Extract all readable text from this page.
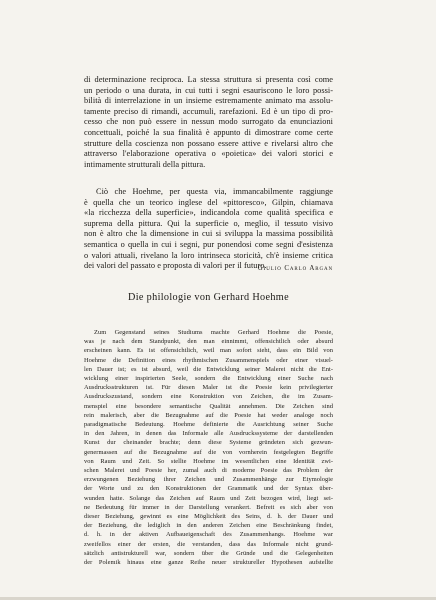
di determinazione reciproca. La stessa struttura si presenta così come

un periodo o una durata, in cui tutti i segni esauriscono le loro possi-

bilità di interrelazione in un insieme estremamente animato ma assolu-

tamente preciso di rimandi, accumuli, rarefazioni. Ed è un tipo di pro-

cesso che non può essere in nessun modo surrogato da enunciazioni

concettuali, poiché la sua finalità è appunto di dimostrare come certe

strutture della coscienza non possano essere attive e rivelarsi altro che

attraverso l'elaborazione operativa o «poietica» dei valori storici e

intimamente strutturali della pittura.

Ciò che Hoehme, per questa via, immancabilmente raggiunge

è quella che un teorico inglese del «pittoresco», Gilpin, chiamava

«la ricchezza della superficie», indicandola come qualità specifica e

suprema della pittura. Qui la superficie o, meglio, il tessuto visivo

non è altro che la dimensione in cui si sviluppa la massima possibilità

semantica o quella in cui i segni, pur ponendosi come segni d'esistenza

o valori attuali, rivelano la loro intrinseca storicità, ch'è insieme critica

dei valori del passato e proposta di valori per il futuro.

Giulio Carlo Argan
Die philologie von Gerhard Hoehme

Zum Gegenstand seines Studiums machte Gerhard Hoehme die Poesie,

was je nach dem Standpunkt, den man einnimmt, offensichtlich oder absurd

erscheinen kann. Es ist offensichtlich, weil man sofort sieht, dass ein Bild von

Hoehme die Definition eines rhythmischen Zusammenspiels oder einer visuel-

len Dauer ist; es ist absurd, weil die Entwicklung seiner Malerei nicht die Ent-

wicklung einer inspirierten Seele, sondern die Entwicklung einer Suche nach

Ausdrucksstrukturen ist. Für diesen Maler ist die Poesie kein privilegierter

Ausdruckszustand, sondern eine Konstruktion von Zeichen, die im Zusam-

menspiel eine besondere semantische Qualität annehmen. Die Zeichen sind

rein malerisch, aber die Bezugnahme auf die Poesie hat weder analoge noch

paradigmatische Bedeutung. Hoehme definierte die Ausrichtung seiner Suche

in den Jahren, in denen das Informale alle Ausdruckssysteme der darstellenden

Kunst dur cheinander brachte; denn diese Systeme gründeten sich gezwun-

genermassen auf die Bezugnahme auf die von vornherein festgelegten Begriffe

von Raum und Zeit. So stellte Hoehme im wesentlichen eine Identität zwi-

schen Malerei und Poesie her, zumal auch di moderne Poesie das Problem der

erzwungenen Beziehung ihrer Zeichen und Zusammenhänge zur Etymologie

der Worte und zu den Konstruktionen der Grammatik und der Syntax über-

wunden hatte. Solange das Zeichen auf Raum und Zeit bezogen wird, liegt sei-

ne Bedeutung für immer in der Darstellung verankert. Befreit es sich aber von

dieser Beziehung, gewinnt es eine Möglichkeit des Seins, d. h. der Dauer und

der Beziehung, die lediglich in den anderen Zeichen eine Beschränkung findet,

d. h. in der aktiven Aufbaueigenschaft des Zusammenhangs. Hoehme war

zweifellos einer der ersten, die verstanden, dass das Informale nicht grund-

sätzlich antistrukturell war, sondern über die Gründe und die Gelegenheiten

der Polemik hinaus eine ganze Reihe neuer struktureller Hypothesen aufstellte
